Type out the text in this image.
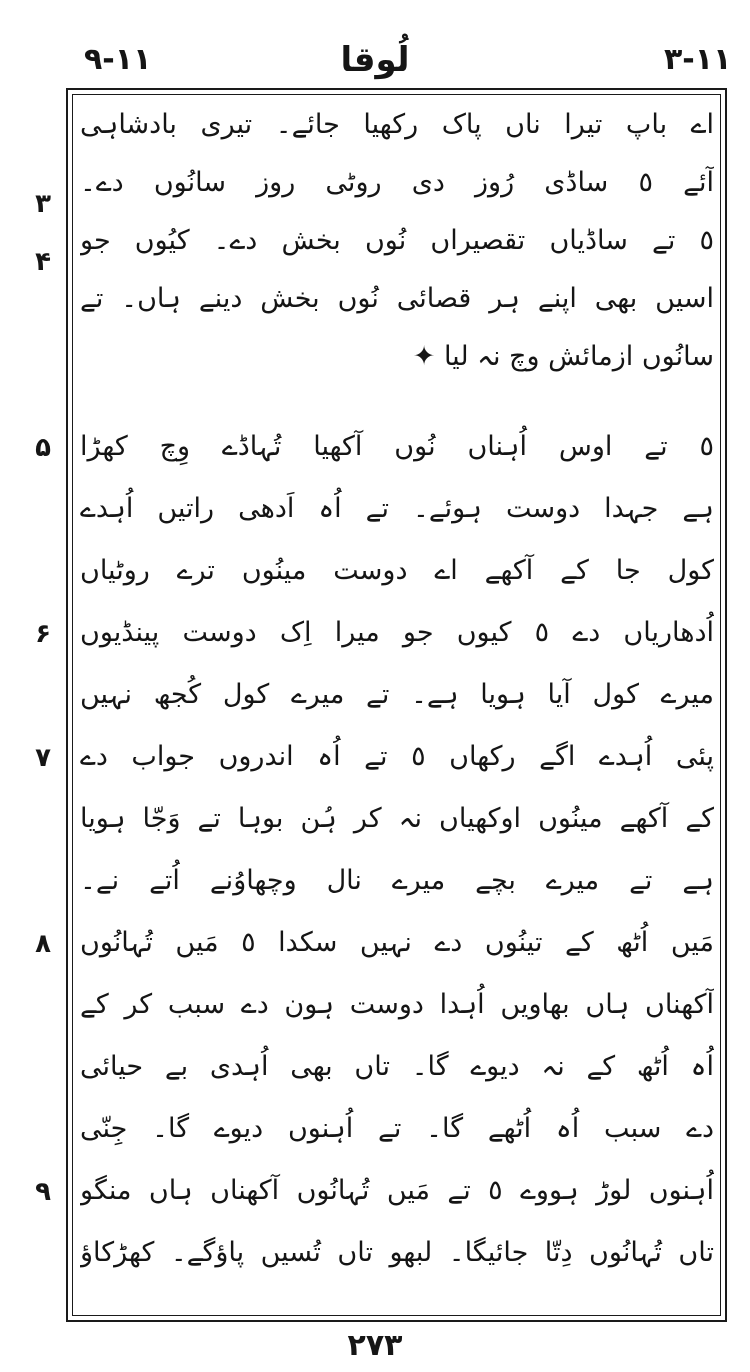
۹-۱۱	لُوقا	۳-۱۱
اے باپ تیرا ناں پاک رکھیا جائے۔ تیری بادشاہی
آئے ٥ ساڈی رُوز دی روٹی روز سانُوں دے۔
٥ تے ساڈیاں تقصیراں نُوں بخش دے۔ کیُوں جو
اسیں بھی اپنے ہر قصائی نُوں بخش دینے ہاں۔ تے
سانُوں ازمائش وچ نہ لیا ✦
٥ تے اوس اُہناں نُوں آکھیا تُہاڈے وِچ کھڑا
ہے جہدا دوست ہوئے۔ تے اُہ اَدھی راتیں اُہدے
کول جا کے آکھے اے دوست مینُوں ترے روٹیاں
اُدھاریاں دے ٥ کیوں جو میرا اِک دوست پینڈیوں
میرے کول آیا ہویا ہے۔ تے میرے کول کُجھ نہیں
پئی اُہدے اگے رکھاں ٥ تے اُہ اندروں جواب دے
کے آکھے مینُوں اوکھیاں نہ کر ہُن بوہا تے وَجّا ہویا
ہے تے میرے بچے میرے نال وچھاوُنے اُتے نے۔
مَیں اُٹھ کے تینُوں دے نہیں سکدا ٥ مَیں تُہانُوں
آکھناں ہاں بھاویں اُہدا دوست ہون دے سبب کر کے
اُہ اُٹھ کے نہ دیوے گا۔ تاں بھی اُہدی بے حیائی
دے سبب اُہ اُٹھے گا۔ تے اُہنوں دیوے گا۔ جِنّی
اُہنوں لوڑ ہووے ٥ تے مَیں تُہانُوں آکھناں ہاں منگو
تاں تُہانُوں دِتّا جائیگا۔ لبھو تاں تُسیں پاؤگے۔ کھڑکاؤ
۳
۴
۵
۶
۷
۸
۹
۲۷۳
